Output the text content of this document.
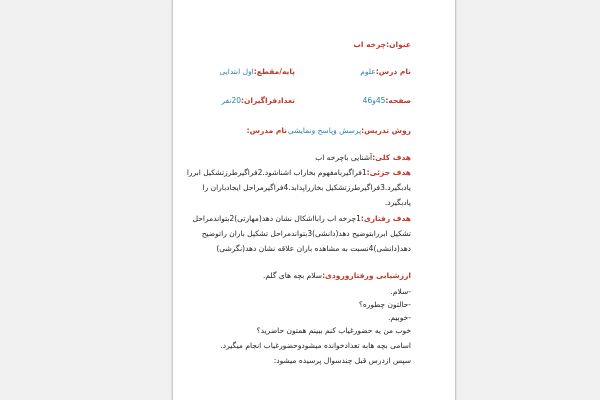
عنوان:چرخه اب
نام درس:علوم
پایه/مقطع:اول ابتدایی
صفحه:45و46
تعدادفراگیران:20نفر
روش تدریس:پرسش وپاسخ ونمایشی
نام مدرس:
هدف کلی:آشنایی باچرخه اب
هدف جزئی:1فراگیربامفهوم بخاراب اشناشود.2فراگیرطرزتشکیل ابررا
یادبگیرد.3فراگیرطرزتشکیل بخارراپدابد.4فراگیرمراحل ایجادباران را
یادبگیرد.
هدف رفتاری:1چرخه اب رابااشکال نشان دهد(مهارتی)2بتواندمراحل
تشکیل ابررابتوضیح دهد(دانشی)3بتواندمراحل تشکیل باران راتوضیح
دهد(دانشی)4نسبت به مشاهده باران علاقه نشان دهد(نگرشی)
ارزشیابی ورفتارورودی:سلام بچه های گلم.
-سلام.
-حالتون چطوره؟
-خوبیم.
خوب من یه حضورغیاب کنم ببینم همتون حاضرید؟
اسامی بچه هابه تعدادخوانده میشودوحضورغیاب انجام میگیرد.
سپس ازدرس قبل چندسوال پرسیده میشود:
